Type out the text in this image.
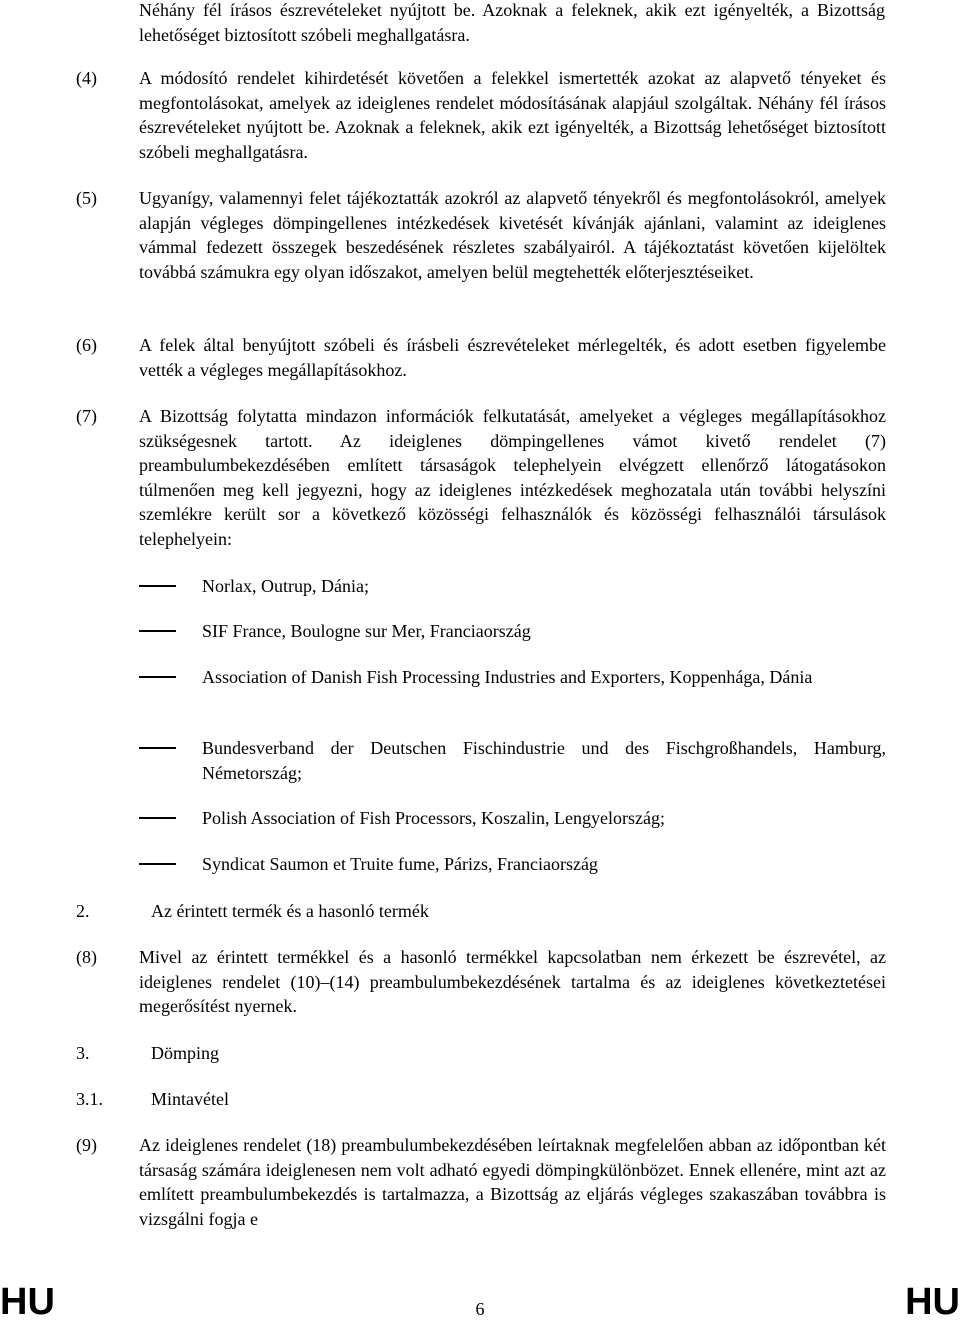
Néhány fél írásos észrevételeket nyújtott be. Azoknak a feleknek, akik ezt igényelték, a Bizottság lehetőséget biztosított szóbeli meghallgatásra.
(4) A módosító rendelet kihirdetését követően a felekkel ismertették azokat az alapvető tényeket és megfontolásokat, amelyek az ideiglenes rendelet módosításának alapjául szolgáltak. Néhány fél írásos észrevételeket nyújtott be. Azoknak a feleknek, akik ezt igényelték, a Bizottság lehetőséget biztosított szóbeli meghallgatásra.
(5) Ugyanígy, valamennyi felet tájékoztatták azokról az alapvető tényekről és megfontolásokról, amelyek alapján végleges dömpingellenes intézkedések kivetését kívánják ajánlani, valamint az ideiglenes vámmal fedezett összegek beszedésének részletes szabályairól. A tájékoztatást követően kijelöltek továbbá számukra egy olyan időszakot, amelyen belül megtehették előterjesztéseiket.
(6) A felek által benyújtott szóbeli és írásbeli észrevételeket mérlegelték, és adott esetben figyelembe vették a végleges megállapításokhoz.
(7) A Bizottság folytatta mindazon információk felkutatását, amelyeket a végleges megállapításokhoz szükségesnek tartott. Az ideiglenes dömpingellenes vámot kivető rendelet (7) preambulumbekezdésében említett társaságok telephelyein elvégzett ellenőrző látogatásokon túlmenően meg kell jegyezni, hogy az ideiglenes intézkedések meghozatala után további helyszíni szemlékre került sor a következő közösségi felhasználók és közösségi felhasználói társulások telephelyein:
Norlax, Outrup, Dánia;
SIF France, Boulogne sur Mer, Franciaország
Association of Danish Fish Processing Industries and Exporters, Koppenhága, Dánia
Bundesverband der Deutschen Fischindustrie und des Fischgroßhandels, Hamburg, Németország;
Polish Association of Fish Processors, Koszalin, Lengyelország;
Syndicat Saumon et Truite fume, Párizs, Franciaország
2.	Az érintett termék és a hasonló termék
(8) Mivel az érintett termékkel és a hasonló termékkel kapcsolatban nem érkezett be észrevétel, az ideiglenes rendelet (10)–(14) preambulumbekezdésének tartalma és az ideiglenes következtetései megerősítést nyernek.
3.	Dömping
3.1.	Mintavétel
(9) Az ideiglenes rendelet (18) preambulumbekezdésében leírtaknak megfelelően abban az időpontban két társaság számára ideiglenesen nem volt adható egyedi dömpingkülönbözet. Ennek ellenére, mint azt az említett preambulumbekezdés is tartalmazza, a Bizottság az eljárás végleges szakaszában továbbra is vizsgálni fogja e
6
HU	HU
